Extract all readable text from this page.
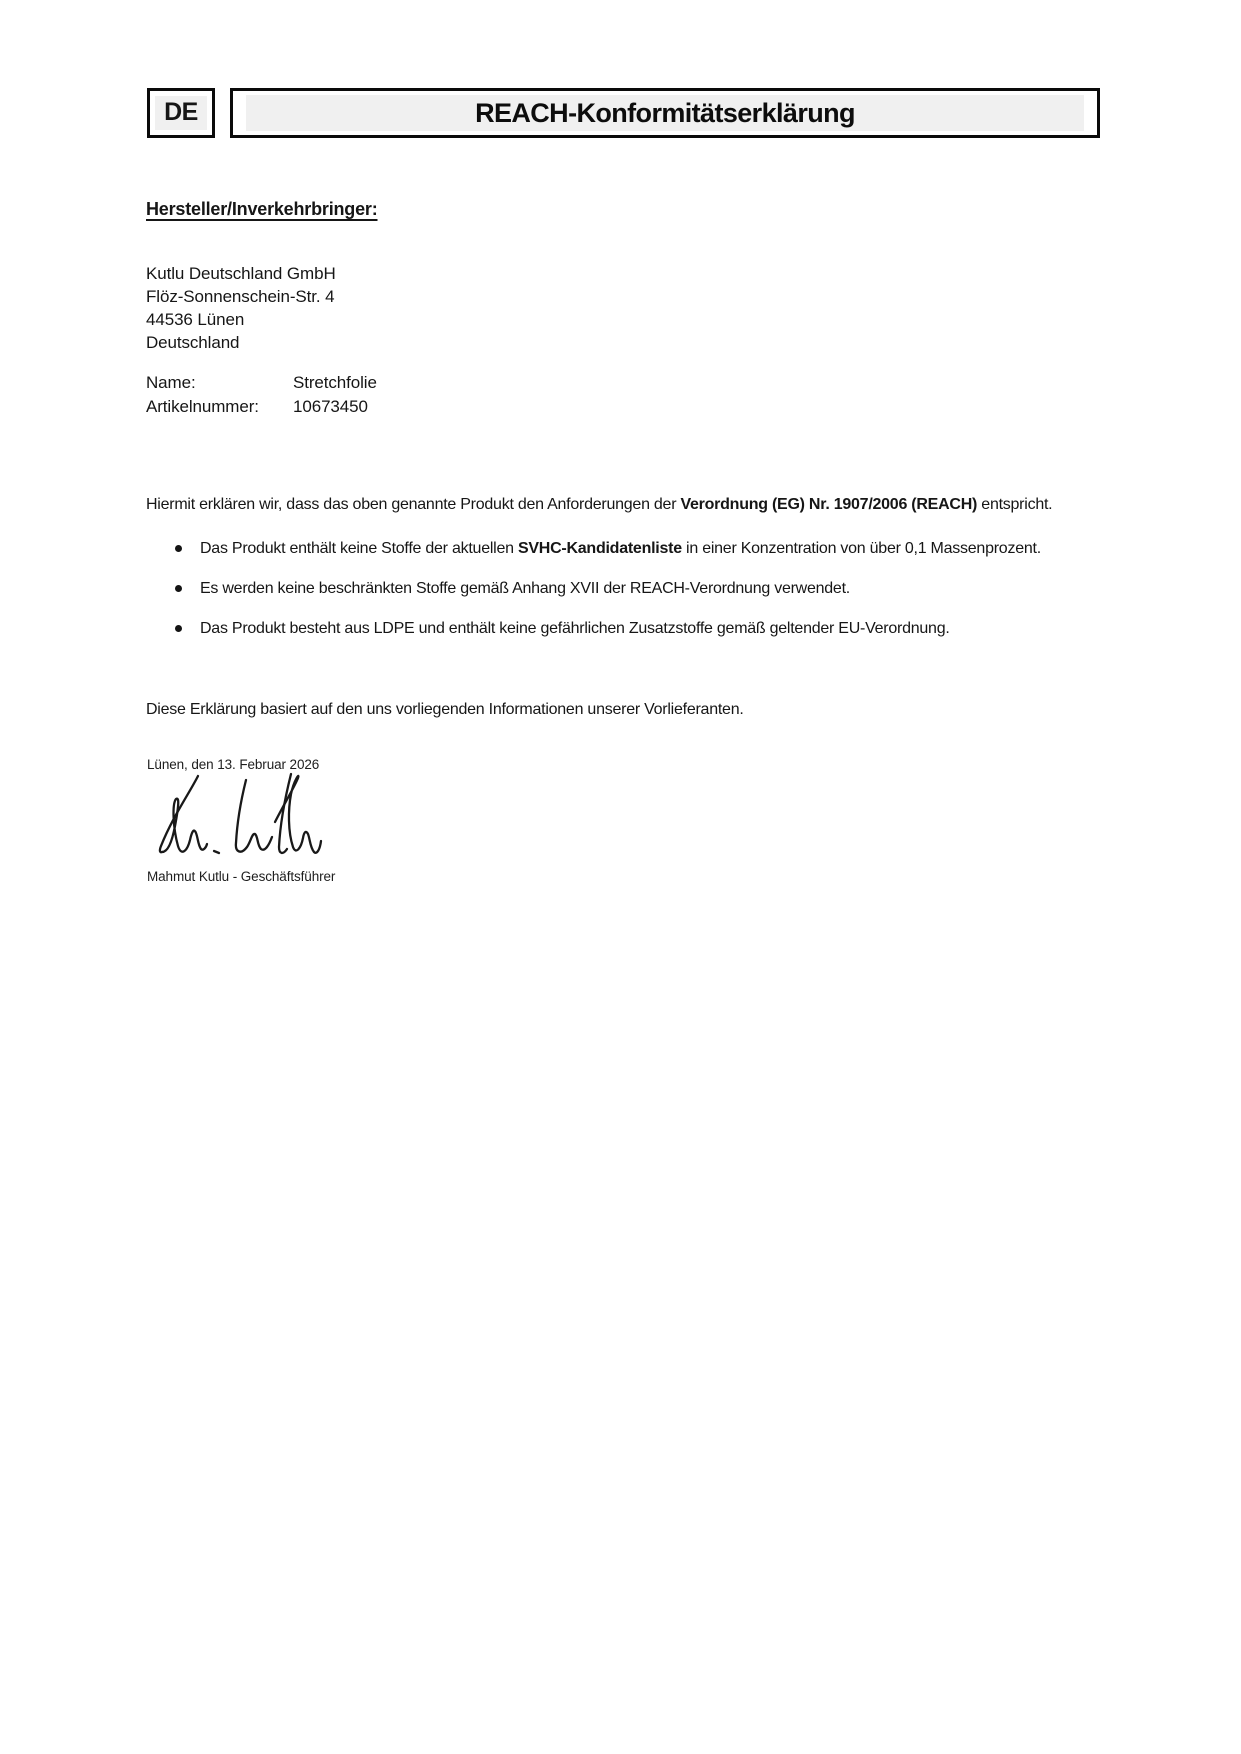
DE	REACH-Konformitätserklärung
Hersteller/Inverkehrbringer:
Kutlu Deutschland GmbH
Flöz-Sonnenschein-Str. 4
44536 Lünen
Deutschland
Name:	Stretchfolie
Artikelnummer:	10673450

Hiermit erklären wir, dass das oben genannte Produkt den Anforderungen der Verordnung (EG) Nr. 1907/2006 (REACH) entspricht.

Das Produkt enthält keine Stoffe der aktuellen SVHC-Kandidatenliste in einer Konzentration von über 0,1 Massenprozent.
Es werden keine beschränkten Stoffe gemäß Anhang XVII der REACH-Verordnung verwendet.
Das Produkt besteht aus LDPE und enthält keine gefährlichen Zusatzstoffe gemäß geltender EU-Verordnung.

Diese Erklärung basiert auf den uns vorliegenden Informationen unserer Vorlieferanten.

Lünen, den 13. Februar 2026
Mahmut Kutlu - Geschäftsführer
